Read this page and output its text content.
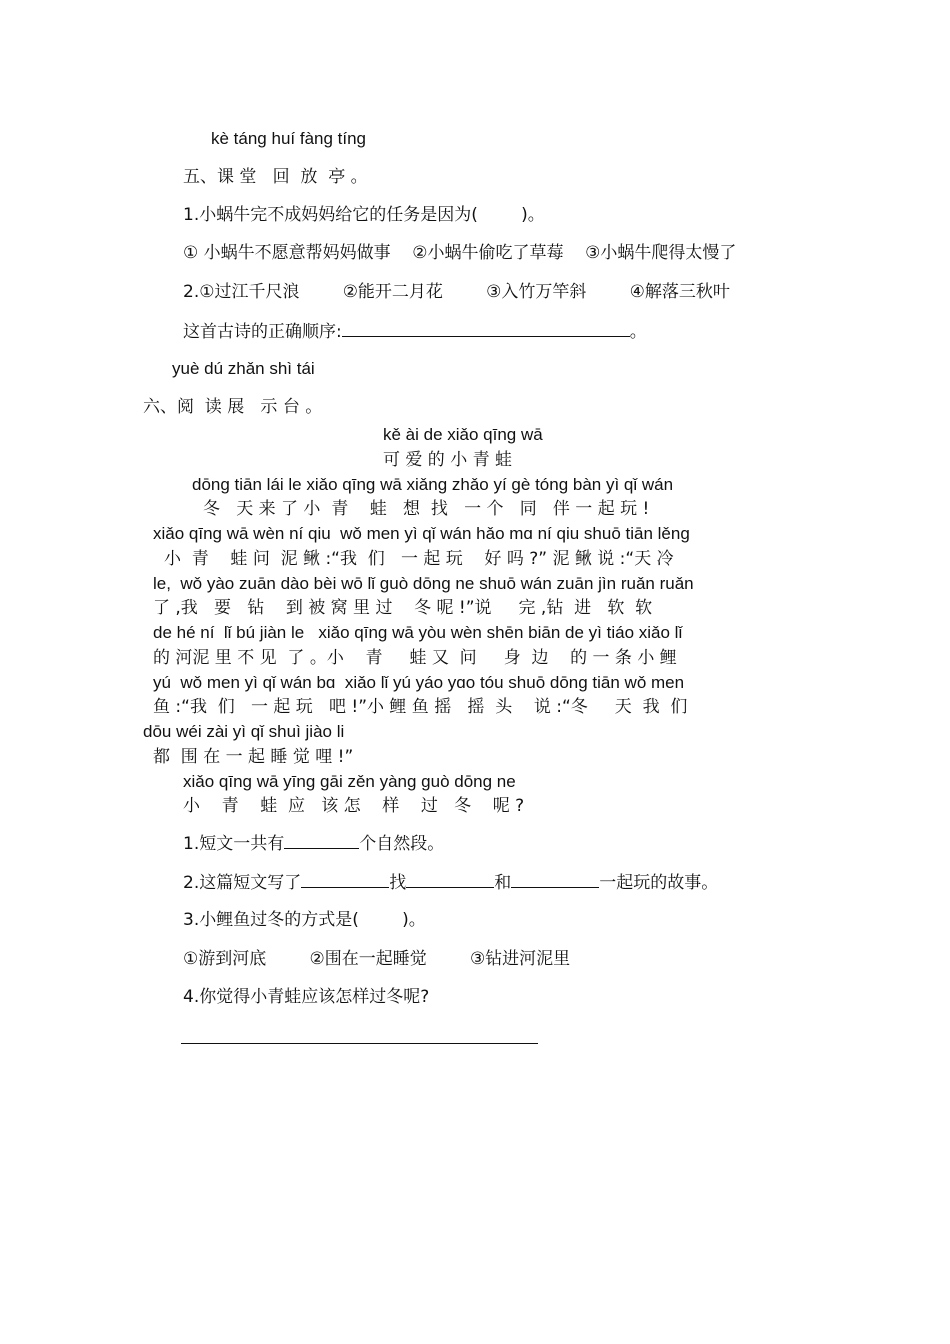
kè táng huí fàng tíng
五、课 堂   回  放  亭 。
1.小蜗牛完不成妈妈给它的任务是因为(        )。
① 小蜗牛不愿意帮妈妈做事    ②小蜗牛偷吃了草莓    ③小蜗牛爬得太慢了
2.①过江千尺浪        ②能开二月花        ③入竹万竿斜        ④解落三秋叶
这首古诗的正确顺序:	。
yuè dú zhǎn shì tái
六、阅  读 展   示 台 。
kě ài de xiǎo qīng wā
可 爱 的 小 青 蛙
dōng tiān lái le xiǎo qīng wā xiǎng zhǎo yí gè tóng bàn yì qǐ wán
冬   天 来 了 小  青    蛙   想  找   一 个   同   伴 一 起 玩 !
xiǎo qīng wā wèn ní qiu  wǒ men yì qǐ wán hǎo mɑ ní qiu shuō tiān lěng
小  青    蛙 问  泥 鳅 :“我  们   一 起 玩    好 吗 ?” 泥 鳅 说 :“天 冷
le,  wǒ yào zuān dào bèi wō lǐ guò dōng ne shuō wán zuān jìn ruǎn ruǎn
了 ,我   要   钻    到 被 窝 里 过    冬 呢 !”说     完 ,钻  进   软  软
de hé ní  lǐ bú jiàn le   xiǎo qīng wā yòu wèn shēn biān de yì tiáo xiǎo lǐ
的 河泥 里 不 见  了 。小    青     蛙 又  问     身  边    的 一 条 小 鲤
yú  wǒ men yì qǐ wán bɑ  xiǎo lǐ yú yáo yɑo tóu shuō dōng tiān wǒ men
鱼 :“我  们   一 起 玩   吧 !”小 鲤 鱼 摇   摇  头    说 :“冬     天  我  们
dōu wéi zài yì qǐ shuì jiào li
都  围 在 一 起 睡 觉 哩 !”
xiǎo qīng wā yīng gāi zěn yàng guò dōng ne
小    青    蛙  应   该 怎    样    过   冬    呢 ?
1.短文一共有	个自然段。
2.这篇短文写了	找	和	一起玩的故事。
3.小鲤鱼过冬的方式是(        )。
①游到河底        ②围在一起睡觉        ③钻进河泥里
4.你觉得小青蛙应该怎样过冬呢?
